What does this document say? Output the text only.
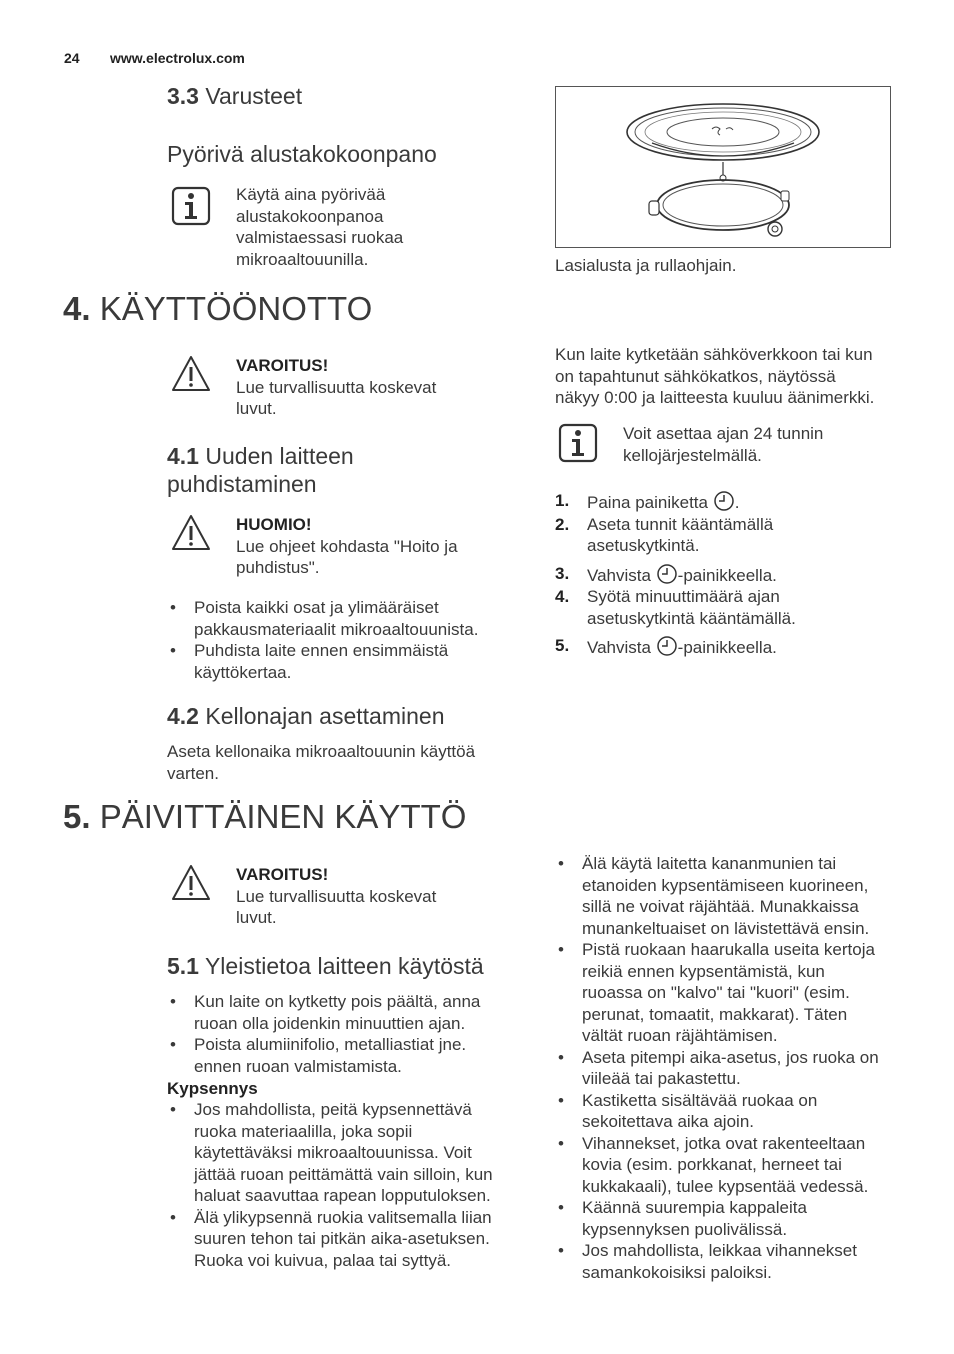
24 www.electrolux.com
3.3 Varusteet
Pyörivä alustakokoonpano
Käytä aina pyörivää
alustakokoonpanoa
valmistaessasi ruokaa
mikroaaltouunilla.	Lasialusta ja rullaohjain.
4. KÄYTTÖÖNOTTO
VAROITUS!
Lue turvallisuutta koskevat
luvut.
4.1 Uuden laitteen
puhdistaminen
HUOMIO!
Lue ohjeet kohdasta "Hoito ja
puhdistus".
• Poista kaikki osat ja ylimääräiset
pakkausmateriaalit mikroaaltouunista.
• Puhdista laite ennen ensimmäistä
käyttökertaa.
4.2 Kellonajan asettaminen
Aseta kellonaika mikroaaltouunin käyttöä
varten.
Kun laite kytketään sähköverkkoon tai kun
on tapahtunut sähkökatkos, näytössä
näkyy 0:00 ja laitteesta kuuluu äänimerkki.
Voit asettaa ajan 24 tunnin
kellojärjestelmällä.
1. Paina painiketta .
2. Aseta tunnit kääntämällä
asetuskytkintä.
3. Vahvista -painikkeella.
4. Syötä minuuttimäärä ajan
asetuskytkintä kääntämällä.
5. Vahvista -painikkeella.
5. PÄIVITTÄINEN KÄYTTÖ
VAROITUS!
Lue turvallisuutta koskevat
luvut.
5.1 Yleistietoa laitteen käytöstä
• Kun laite on kytketty pois päältä, anna
ruoan olla joidenkin minuuttien ajan.
• Poista alumiinifolio, metalliastiat jne.
ennen ruoan valmistamista.
Kypsennys
• Jos mahdollista, peitä kypsennettävä
ruoka materiaalilla, joka sopii
käytettäväksi mikroaaltouunissa. Voit
jättää ruoan peittämättä vain silloin, kun
haluat saavuttaa rapean lopputuloksen.
• Älä ylikypsennä ruokia valitsemalla liian
suuren tehon tai pitkän aika-asetuksen.
Ruoka voi kuivua, palaa tai syttyä.
• Älä käytä laitetta kananmunien tai
etanoiden kypsentämiseen kuorineen,
sillä ne voivat räjähtää. Munakkaissa
munankeltuaiset on lävistettävä ensin.
• Pistä ruokaan haarukalla useita kertoja
reikiä ennen kypsentämistä, kun
ruoassa on "kalvo" tai "kuori" (esim.
perunat, tomaatit, makkarat). Täten
vältät ruoan räjähtämisen.
• Aseta pitempi aika-asetus, jos ruoka on
viileää tai pakastettu.
• Kastiketta sisältävää ruokaa on
sekoitettava aika ajoin.
• Vihannekset, jotka ovat rakenteeltaan
kovia (esim. porkkanat, herneet tai
kukkakaali), tulee kypsentää vedessä.
• Käännä suurempia kappaleita
kypsennyksen puolivälissä.
• Jos mahdollista, leikkaa vihannekset
samankokoisiksi paloiksi.
